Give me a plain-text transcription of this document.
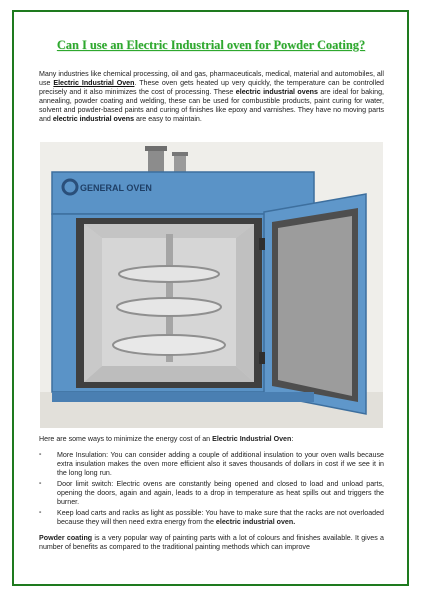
Can I use an Electric Industrial oven for Powder Coating?
Many industries like chemical processing, oil and gas, pharmaceuticals, medical, material and automobiles, all use Electric Industrial Oven. These oven gets heated up very quickly, the temperature can be controlled precisely and it also minimizes the cost of processing. These electric industrial ovens are ideal for baking, annealing, powder coating and welding, these can be used for combustible products, paint curing for water, solvent and powder-based paints and curing of finishes like epoxy and varnishes. They have no moving parts and electric industrial ovens are easy to maintain.
GENERAL OVEN
Here are some ways to minimize the energy cost of an Electric Industrial Oven:
- More Insulation: You can consider adding a couple of additional insulation to your oven walls because extra insulation makes the oven more efficient also it saves thousands of dollars in cost if we see it in the long long run.
- Door limit switch: Electric ovens are constantly being opened and closed to load and unload parts, opening the doors, again and again, leads to a drop in temperature as heat spills out and triggers the burner.
- Keep load carts and racks as light as possible: You have to make sure that the racks are not overloaded because they will then need extra energy from the electric industrial oven.
Powder coating is a very popular way of painting parts with a lot of colours and finishes available. It gives a number of benefits as compared to the traditional painting methods which can improve
